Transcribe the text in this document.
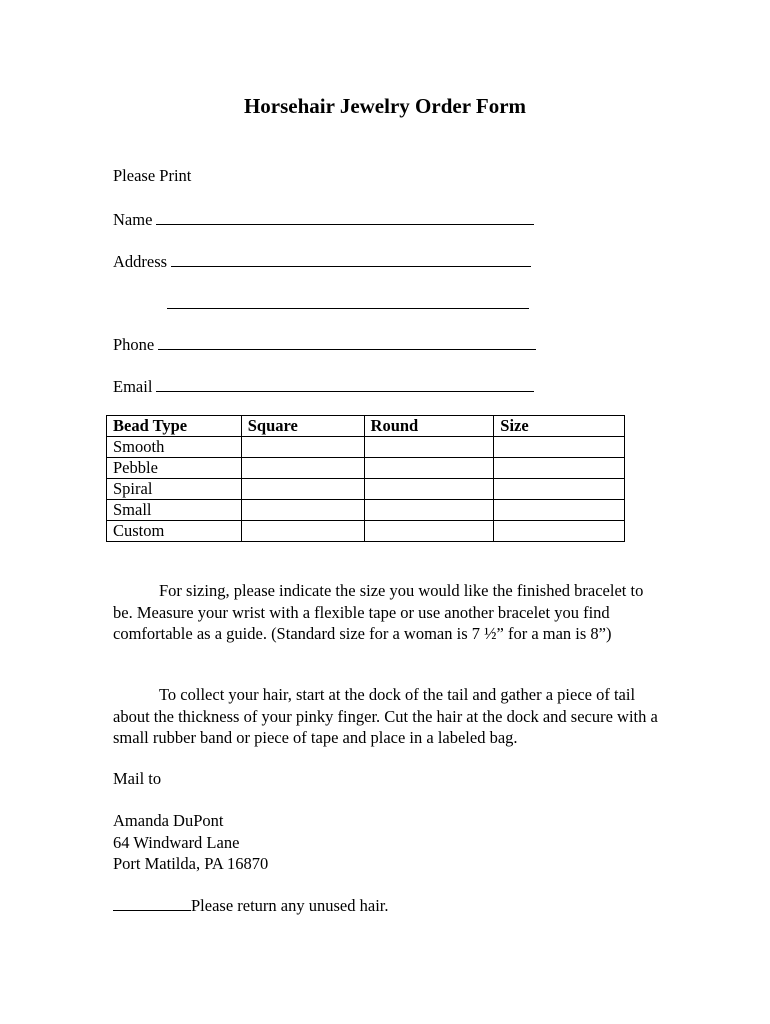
Horsehair Jewelry Order Form
Please Print
Name
Address
Phone
Email
Bead Type	Square	Round	Size
Smooth			
Pebble			
Spiral			
Small			
Custom			
For sizing, please indicate the size you would like the finished bracelet to be. Measure your wrist with a flexible tape or use another bracelet you find comfortable as a guide. (Standard size for a woman is 7 ½” for a man is 8”)
To collect your hair, start at the dock of the tail and gather a piece of tail about the thickness of your pinky finger. Cut the hair at the dock and secure with a small rubber band or piece of tape and place in a labeled bag.
Mail to
Amanda DuPont
64 Windward Lane
Port Matilda, PA 16870
Please return any unused hair.
